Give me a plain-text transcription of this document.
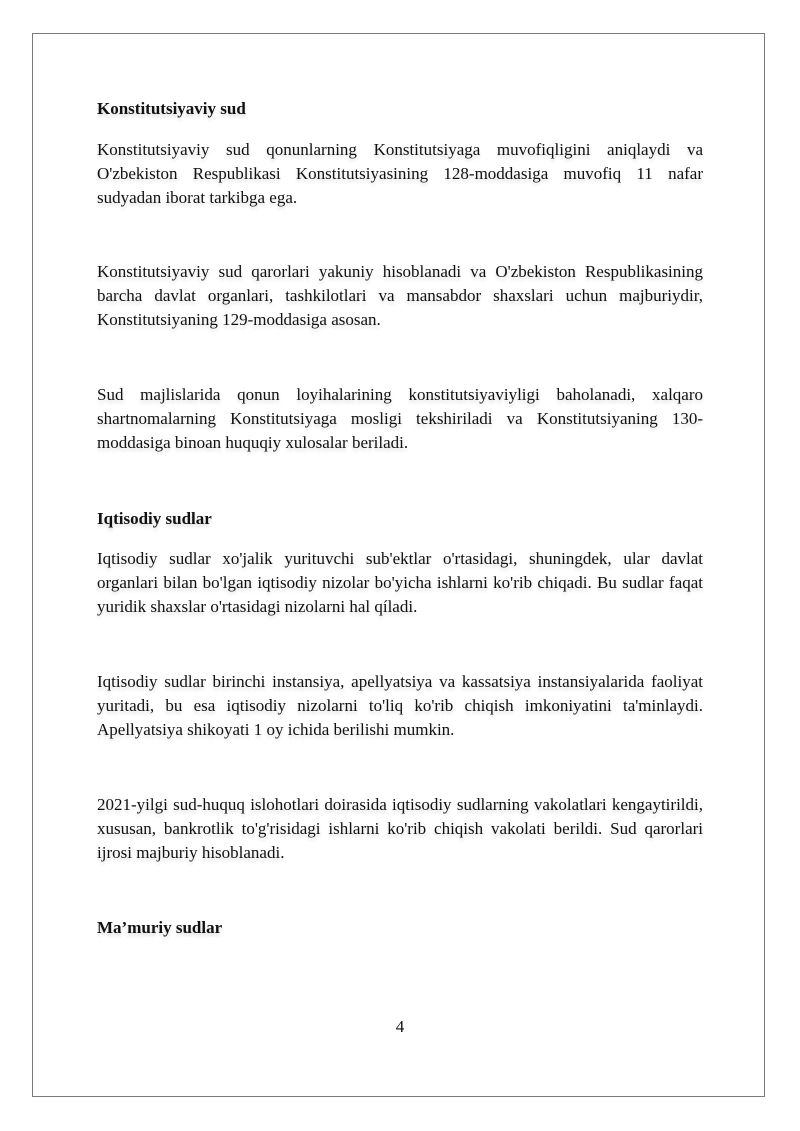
Konstitutsiyaviy sud

Konstitutsiyaviy sud qonunlarning Konstitutsiyaga muvofiqligini aniqlaydi va O'zbekiston Respublikasi Konstitutsiyasining 128-moddasiga muvofiq 11 nafar sudyadan iborat tarkibga ega.

Konstitutsiyaviy sud qarorlari yakuniy hisoblanadi va O'zbekiston Respublikasining barcha davlat organlari, tashkilotlari va mansabdor shaxslari uchun majburiydir, Konstitutsiyaning 129-moddasiga asosan.

Sud majlislarida qonun loyihalarining konstitutsiyaviyligi baholanadi, xalqaro shartnomalarning Konstitutsiyaga mosligi tekshiriladi va Konstitutsiyaning 130-moddasiga binoan huquqiy xulosalar beriladi.

Iqtisodiy sudlar

Iqtisodiy sudlar xo'jalik yurituvchi sub'ektlar o'rtasidagi, shuningdek, ular davlat organlari bilan bo'lgan iqtisodiy nizolar bo'yicha ishlarni ko'rib chiqadi. Bu sudlar faqat yuridik shaxslar o'rtasidagi nizolarni hal qíladi.

Iqtisodiy sudlar birinchi instansiya, apellyatsiya va kassatsiya instansiyalarida faoliyat yuritadi, bu esa iqtisodiy nizolarni to'liq ko'rib chiqish imkoniyatini ta'minlaydi. Apellyatsiya shikoyati 1 oy ichida berilishi mumkin.

2021-yilgi sud-huquq islohotlari doirasida iqtisodiy sudlarning vakolatlari kengaytirildi, xususan, bankrotlik to'g'risidagi ishlarni ko'rib chiqish vakolati berildi. Sud qarorlari ijrosi majburiy hisoblanadi.

Ma’muriy sudlar

4
